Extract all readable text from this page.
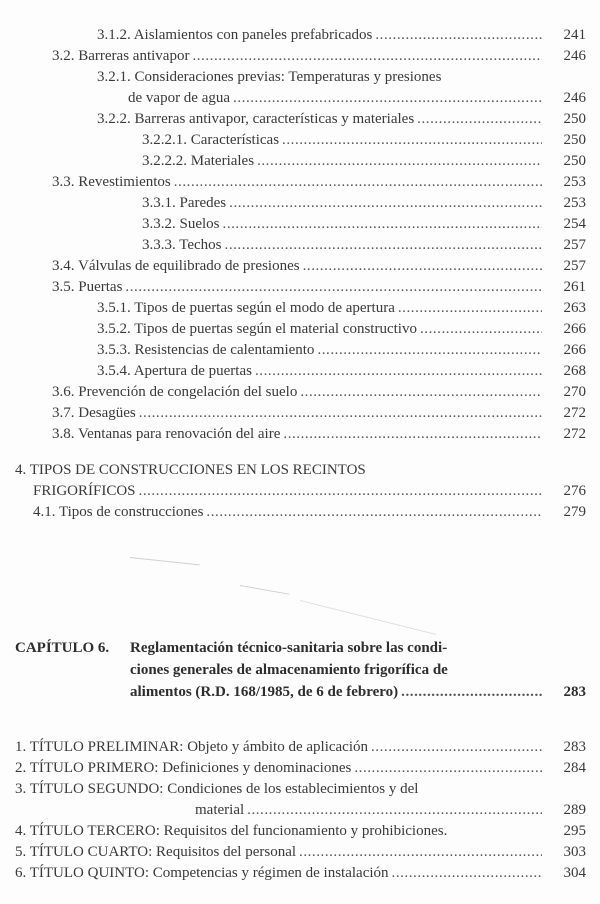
3.1.2. Aislamientos con paneles prefabricados . . .	241
3.2. Barreras antivapor . . .	246
3.2.1. Consideraciones previas: Temperaturas y presiones
de vapor de agua . . .	246
3.2.2. Barreras antivapor, características y materiales . . .	250
3.2.2.1. Características . . .	250
3.2.2.2. Materiales . . .	250
3.3. Revestimientos . . .	253
3.3.1. Paredes . . .	253
3.3.2. Suelos . . .	254
3.3.3. Techos . . .	257
3.4. Válvulas de equilibrado de presiones . . .	257
3.5. Puertas . . .	261
3.5.1. Tipos de puertas según el modo de apertura . . .	263
3.5.2. Tipos de puertas según el material constructivo . . .	266
3.5.3. Resistencias de calentamiento . . .	266
3.5.4. Apertura de puertas . . .	268
3.6. Prevención de congelación del suelo . . .	270
3.7. Desagües . . .	272
3.8. Ventanas para renovación del aire . . .	272
4. TIPOS DE CONSTRUCCIONES EN LOS RECINTOS
FRIGORÍFICOS . . .	276
4.1. Tipos de construcciones . . .	279
CAPÍTULO 6. Reglamentación técnico-sanitaria sobre las condi-
ciones generales de almacenamiento frigorífica de
alimentos (R.D. 168/1985, de 6 de febrero) . . .	283
1. TÍTULO PRELIMINAR: Objeto y ámbito de aplicación . . .	283
2. TÍTULO PRIMERO: Definiciones y denominaciones . . .	284
3. TÍTULO SEGUNDO: Condiciones de los establecimientos y del
material . . .	289
4. TÍTULO TERCERO: Requisitos del funcionamiento y prohibiciones.	295
5. TÍTULO CUARTO: Requisitos del personal . . .	303
6. TÍTULO QUINTO: Competencias y régimen de instalación . . .	304
